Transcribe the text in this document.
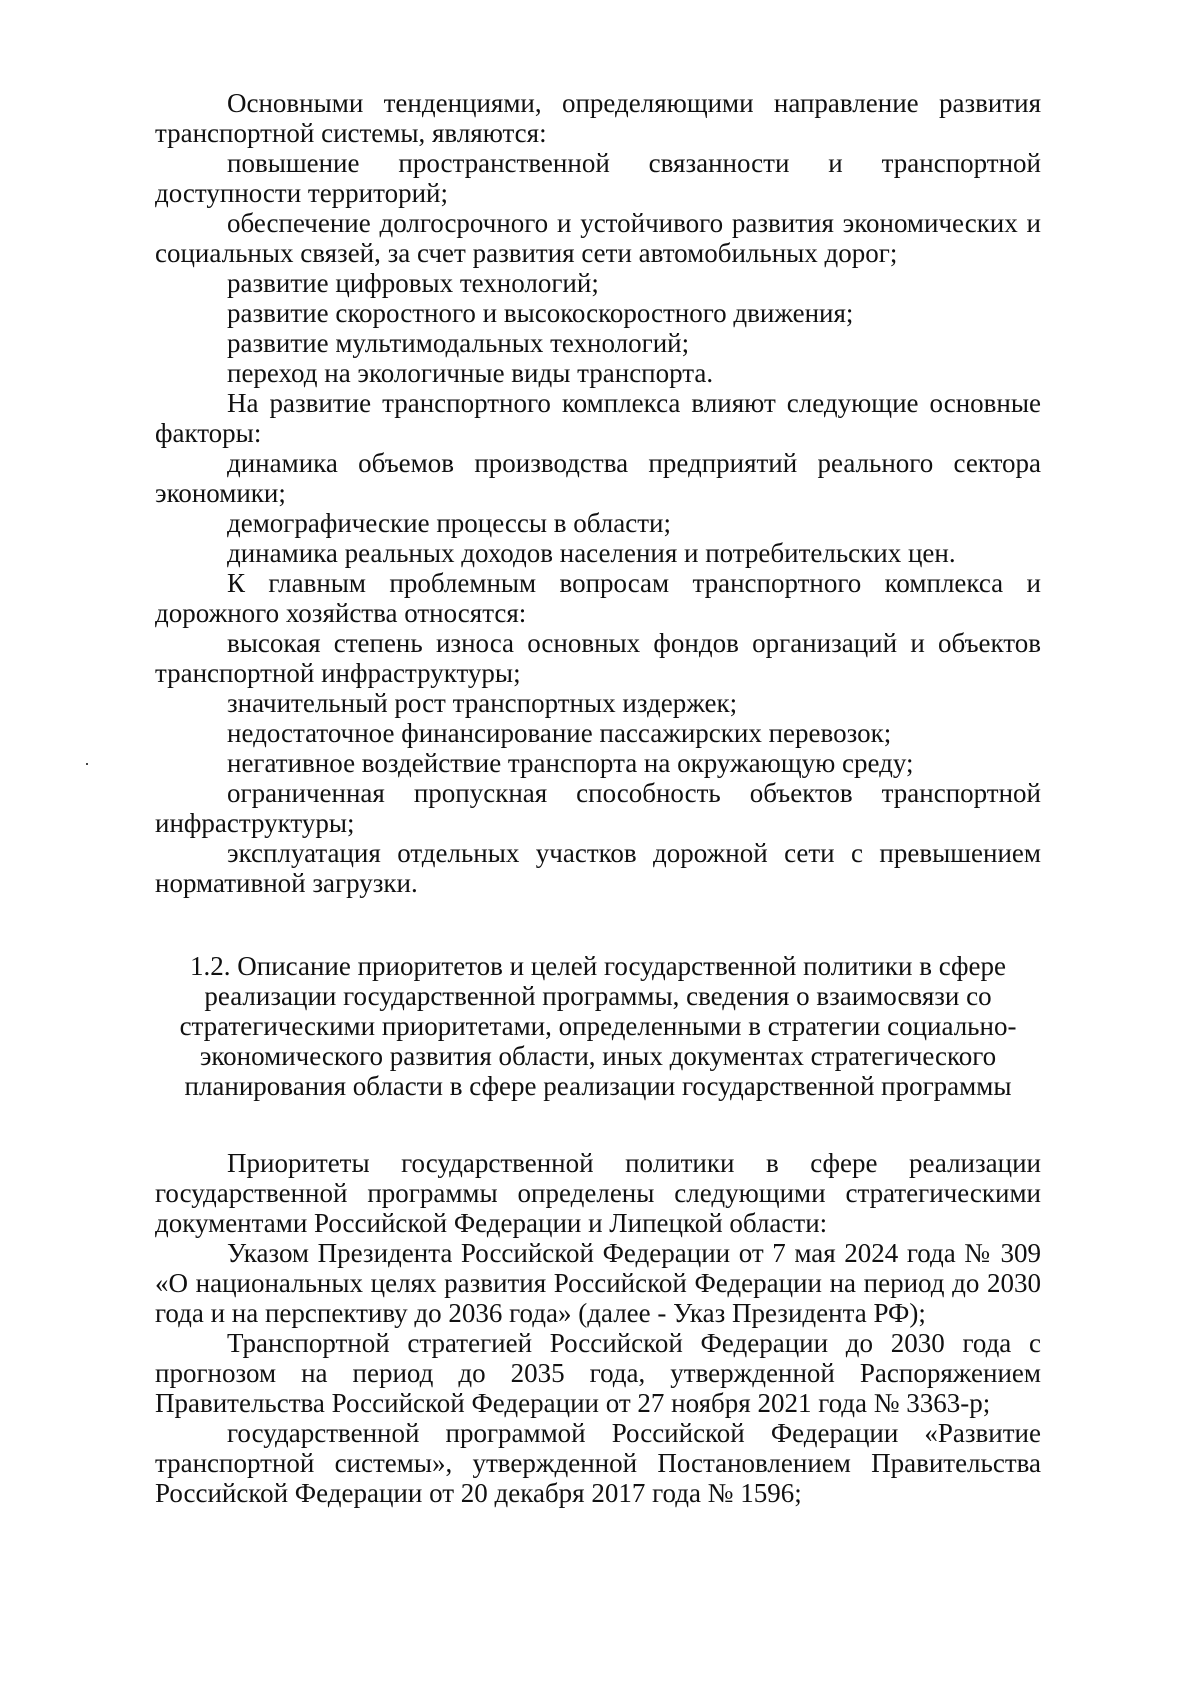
Основными тенденциями, определяющими направление развития транспортной системы, являются:

повышение пространственной связанности и транспортной доступности территорий;

обеспечение долгосрочного и устойчивого развития экономических и социальных связей, за счет развития сети автомобильных дорог;

развитие цифровых технологий;

развитие скоростного и высокоскоростного движения;

развитие мультимодальных технологий;

переход на экологичные виды транспорта.

На развитие транспортного комплекса влияют следующие основные факторы:

динамика объемов производства предприятий реального сектора экономики;

демографические процессы в области;

динамика реальных доходов населения и потребительских цен.

К главным проблемным вопросам транспортного комплекса и дорожного хозяйства относятся:

высокая степень износа основных фондов организаций и объектов транспортной инфраструктуры;

значительный рост транспортных издержек;

недостаточное финансирование пассажирских перевозок;

негативное воздействие транспорта на окружающую среду;

ограниченная пропускная способность объектов транспортной инфраструктуры;

эксплуатация отдельных участков дорожной сети с превышением нормативной загрузки.

1.2. Описание приоритетов и целей государственной политики в сфере реализации государственной программы, сведения о взаимосвязи со стратегическими приоритетами, определенными в стратегии социально-экономического развития области, иных документах стратегического планирования области в сфере реализации государственной программы

Приоритеты государственной политики в сфере реализации государственной программы определены следующими стратегическими документами Российской Федерации и Липецкой области:

Указом Президента Российской Федерации от 7 мая 2024 года № 309 «О национальных целях развития Российской Федерации на период до 2030 года и на перспективу до 2036 года» (далее - Указ Президента РФ);

Транспортной стратегией Российской Федерации до 2030 года с прогнозом на период до 2035 года, утвержденной Распоряжением Правительства Российской Федерации от 27 ноября 2021 года № 3363-р;

государственной программой Российской Федерации «Развитие транспортной системы», утвержденной Постановлением Правительства Российской Федерации от 20 декабря 2017 года № 1596;
